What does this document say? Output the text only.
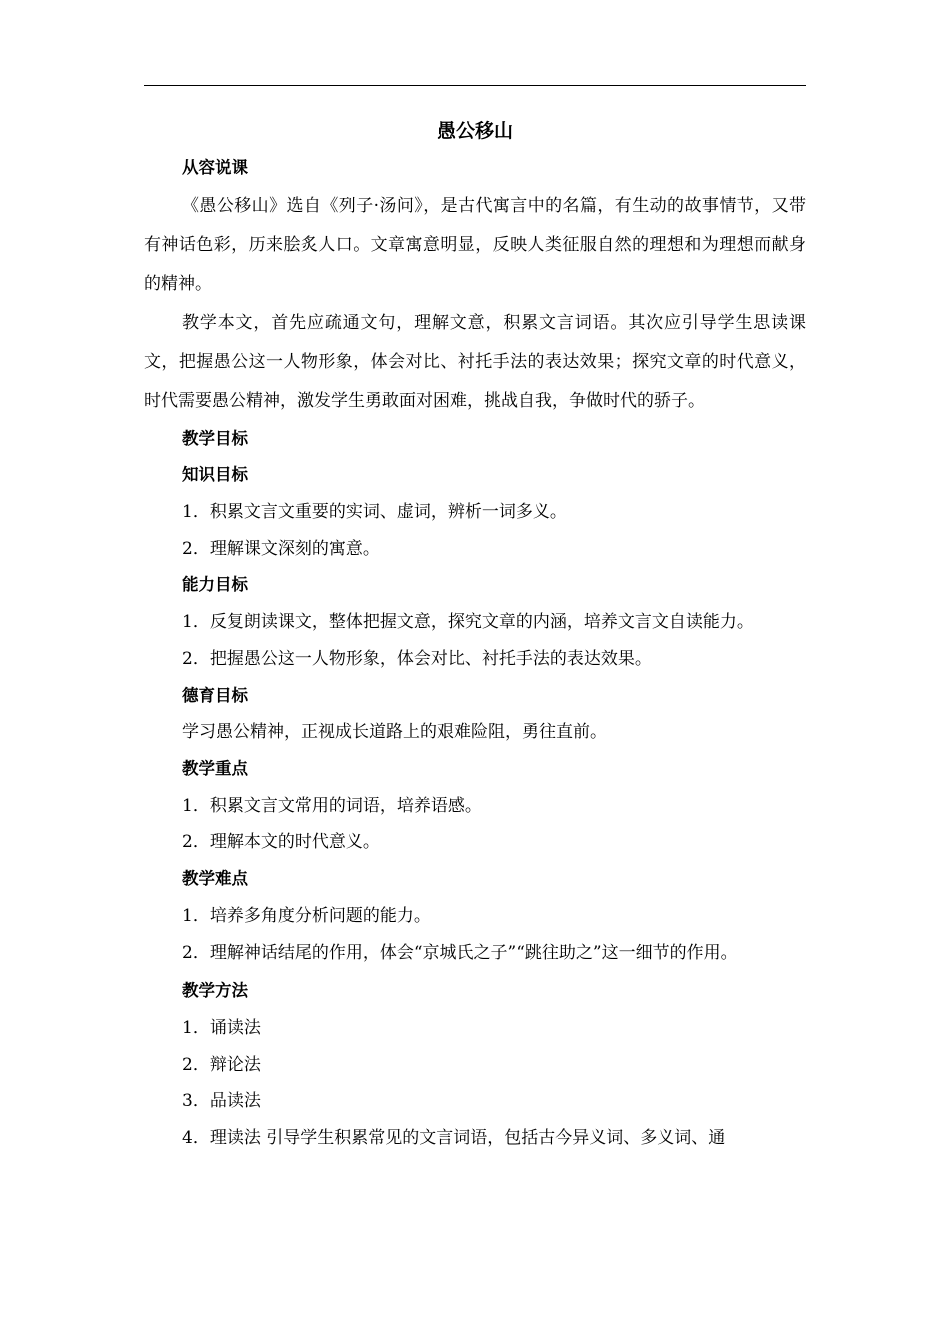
愚公移山
从容说课

《愚公移山》选自《列子·汤问》，是古代寓言中的名篇，有生动的故事情节，又带有神话色彩，历来脍炙人口。文章寓意明显，反映人类征服自然的理想和为理想而献身的精神。

教学本文，首先应疏通文句，理解文意，积累文言词语。其次应引导学生思读课文，把握愚公这一人物形象，体会对比、衬托手法的表达效果；探究文章的时代意义，时代需要愚公精神，激发学生勇敢面对困难，挑战自我，争做时代的骄子。

教学目标
知识目标
1．积累文言文重要的实词、虚词，辨析一词多义。
2．理解课文深刻的寓意。
能力目标
1．反复朗读课文，整体把握文意，探究文章的内涵，培养文言文自读能力。
2．把握愚公这一人物形象，体会对比、衬托手法的表达效果。
德育目标
学习愚公精神，正视成长道路上的艰难险阻，勇往直前。
教学重点
1．积累文言文常用的词语，培养语感。
2．理解本文的时代意义。
教学难点
1．培养多角度分析问题的能力。

2．理解神话结尾的作用，体会“京城氏之子”“跳往助之”这一细节的作用。

教学方法
1．诵读法
2．辩论法
3．品读法
4．理读法 引导学生积累常见的文言词语，包括古今异义词、多义词、通
